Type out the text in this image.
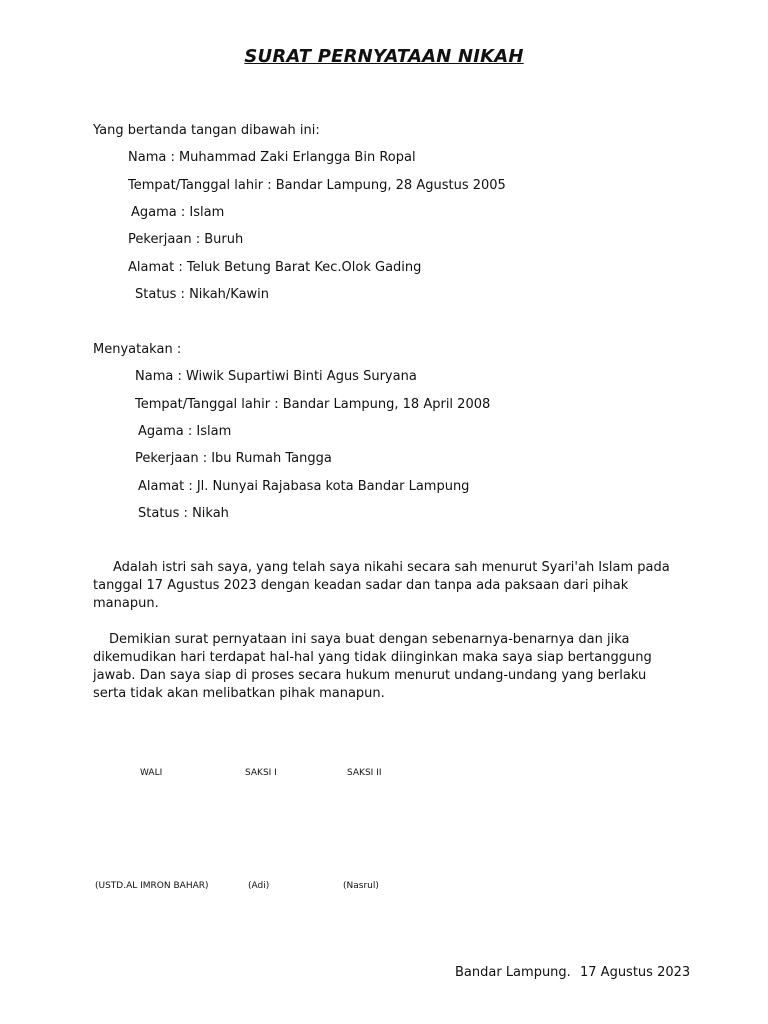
SURAT PERNYATAAN NIKAH
Yang bertanda tangan dibawah ini:
Nama : Muhammad Zaki Erlangga Bin Ropal
Tempat/Tanggal lahir : Bandar Lampung, 28 Agustus 2005
Agama : Islam
Pekerjaan : Buruh
Alamat : Teluk Betung Barat Kec.Olok Gading
Status : Nikah/Kawin
Menyatakan :
Nama : Wiwik Supartiwi Binti Agus Suryana
Tempat/Tanggal lahir : Bandar Lampung, 18 April 2008
Agama : Islam
Pekerjaan : Ibu Rumah Tangga
Alamat : Jl. Nunyai Rajabasa kota Bandar Lampung
Status : Nikah
Adalah istri sah saya, yang telah saya nikahi secara sah menurut Syari'ah Islam pada tanggal 17 Agustus 2023 dengan keadan sadar dan tanpa ada paksaan dari pihak manapun.
Demikian surat pernyataan ini saya buat dengan sebenarnya-benarnya dan jika dikemudikan hari terdapat hal-hal yang tidak diinginkan maka saya siap bertanggung jawab. Dan saya siap di proses secara hukum menurut undang-undang yang berlaku serta tidak akan melibatkan pihak manapun.
WALI	SAKSI I	SAKSI II
(USTD.AL IMRON BAHAR)	(Adi)	(Nasrul)
Bandar Lampung. 17 Agustus 2023
